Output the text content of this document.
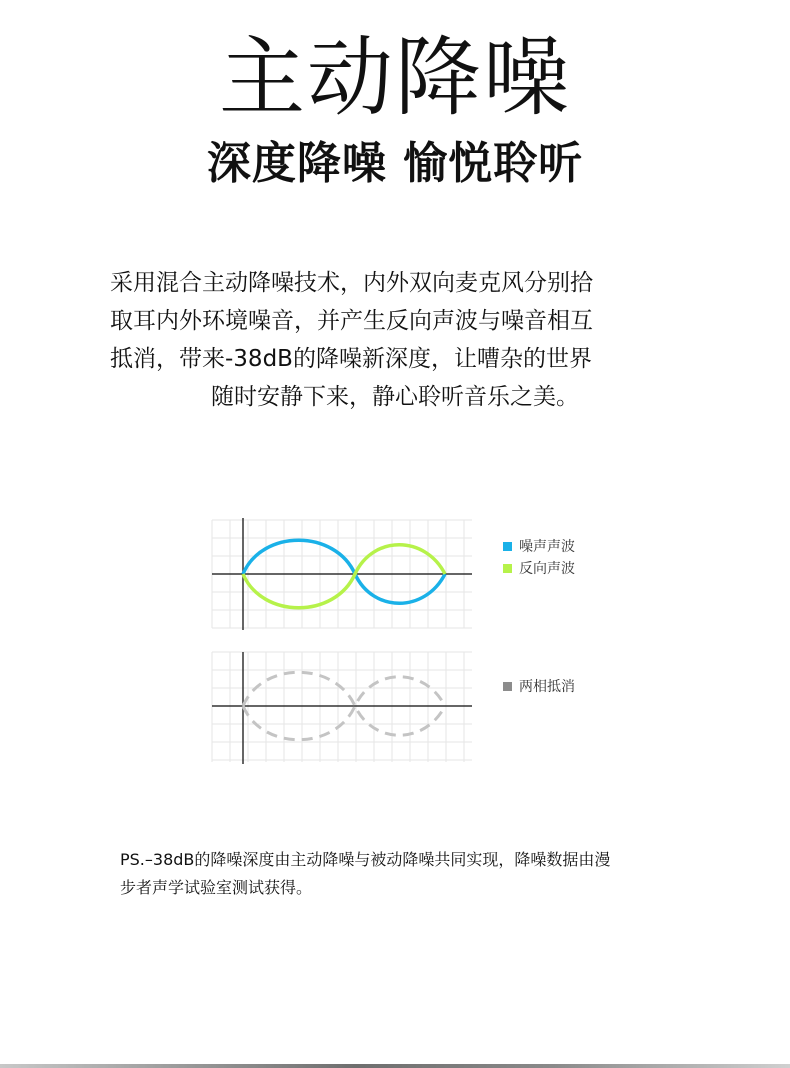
主动降噪
深度降噪 愉悦聆听
采用混合主动降噪技术，内外双向麦克风分别拾
取耳内外环境噪音，并产生反向声波与噪音相互
抵消，带来-38dB的降噪新深度，让嘈杂的世界
随时安静下来，静心聆听音乐之美。
噪声声波
反向声波
两相抵消
PS.–38dB的降噪深度由主动降噪与被动降噪共同实现，降噪数据由漫
步者声学试验室测试获得。
